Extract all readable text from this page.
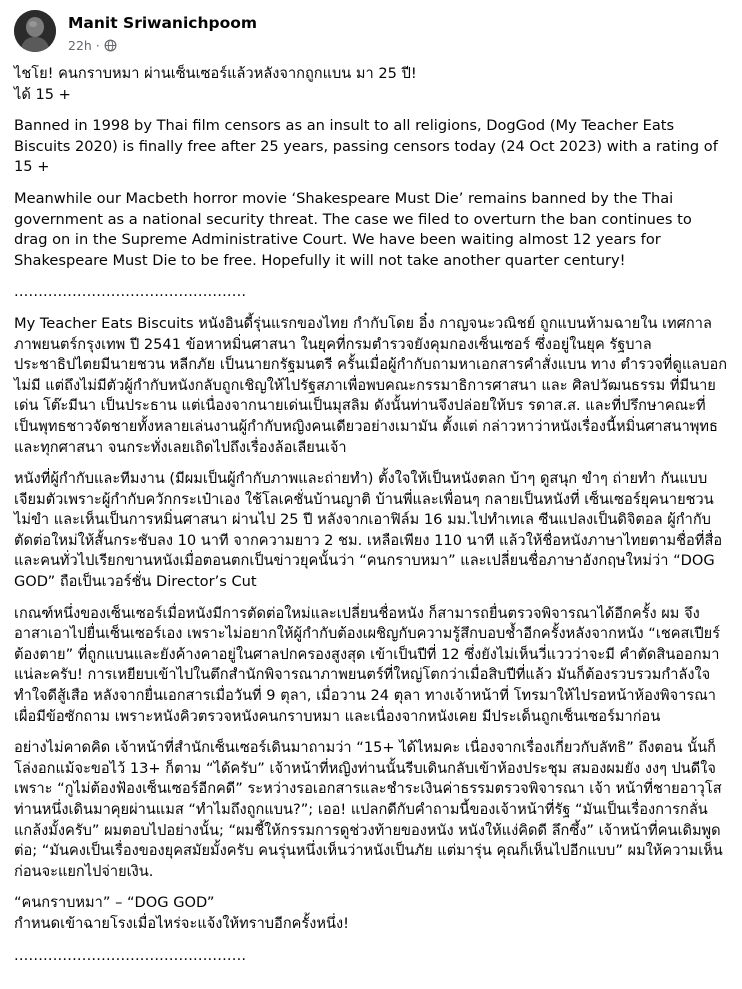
Manit Sriwanichpoom
22h ·

ไชโย! คนกราบหมา ผ่านเซ็นเซอร์แล้วหลังจากถูกแบน มา 25 ปี!
ได้ 15 +

Banned in 1998 by Thai film censors as an insult to all religions, DogGod (My Teacher Eats Biscuits 2020) is finally free after 25 years, passing censors today (24 Oct 2023) with a rating of 15 +

Meanwhile our Macbeth horror movie ‘Shakespeare Must Die’ remains banned by the Thai government as a national security threat. The case we filed to overturn the ban continues to drag on in the Supreme Administrative Court. We have been waiting almost 12 years for Shakespeare Must Die to be free. Hopefully it will not take another quarter century!

................................................

My Teacher Eats Biscuits หนังอินดี้รุ่นแรกของไทย กำกับโดย อิ๋ง กาญจนะวณิชย์ ถูกแบนห้ามฉายใน เทศกาลภาพยนตร์กรุงเทพ ปี 2541 ข้อหาหมิ่นศาสนา ในยุคที่กรมตำรวจยังคุมกองเซ็นเซอร์ ซึ่งอยู่ในยุค รัฐบาลประชาธิปไตยมีนายชวน หลีกภัย เป็นนายกรัฐมนตรี ครั้นเมื่อผู้กำกับถามหาเอกสารคำสั่งแบน ทาง ตำรวจที่ดูแลบอกไม่มี แต่ถึงไม่มีตัวผู้กำกับหนังกลับถูกเชิญให้ไปรัฐสภาเพื่อพบคณะกรรมาธิการศาสนา และ ศิลปวัฒนธรรม ที่มีนายเด่น โต๊ะมีนา เป็นประธาน แต่เนื่องจากนายเด่นเป็นมุสลิม ดังนั้นท่านจึงปล่อยให้บร รดาส.ส. และที่ปรึกษาคณะที่เป็นพุทธชาวจัดชายทั้งหลายเล่นงานผู้กำกับหญิงคนเดียวอย่างเมามัน ตั้งแต่ กล่าวหาว่าหนังเรื่องนี้หมิ่นศาสนาพุทธและทุกศาสนา จนกระทั่งเลยเถิดไปถึงเรื่องล้อเลียนเจ้า

หนังที่ผู้กำกับและทีมงาน (มีผมเป็นผู้กำกับภาพและถ่ายทำ) ตั้งใจให้เป็นหนังตลก บ้าๆ ดูสนุก ขำๆ ถ่ายทำ กันแบบเจียมตัวเพราะผู้กำกับควักกระเป๋าเอง ใช้โลเคชั่นบ้านญาติ บ้านพี่และเพื่อนๆ กลายเป็นหนังที่ เซ็นเซอร์ยุคนายชวนไม่ขำ และเห็นเป็นการหมิ่นศาสนา ผ่านไป 25 ปี หลังจากเอาฟิล์ม 16 มม.ไปทำเทเล ซีนแปลงเป็นดิจิตอล ผู้กำกับตัดต่อใหม่ให้สั้นกระชับลง 10 นาที จากความยาว 2 ชม. เหลือเพียง 110 นาที แล้วให้ชื่อหนังภาษาไทยตามชื่อที่สื่อและคนทั่วไปเรียกขานหนังเมื่อตอนตกเป็นข่าวยุคนั้นว่า “คนกราบหมา” และเปลี่ยนชื่อภาษาอังกฤษใหม่ว่า “DOG GOD” ถือเป็นเวอร์ชั่น Director’s Cut

เกณฑ์หนึ่งของเซ็นเซอร์เมื่อหนังมีการตัดต่อใหม่และเปลี่ยนชื่อหนัง ก็สามารถยื่นตรวจพิจารณาได้อีกครั้ง ผม จึงอาสาเอาไปยื่นเซ็นเซอร์เอง เพราะไม่อยากให้ผู้กำกับต้องเผชิญกับความรู้สึกบอบช้ำอีกครั้งหลังจากหนัง “เชคสเปียร์ต้องตาย” ที่ถูกแบนและยังค้างคาอยู่ในศาลปกครองสูงสุด เข้าเป็นปีที่ 12 ซึ่งยังไม่เห็นวี่แววว่าจะมี คำตัดสินออกมา แน่ละครับ! การเหยียบเข้าไปในตึกสำนักพิจารณาภาพยนตร์ที่ใหญ่โตกว่าเมื่อสิบปีที่แล้ว มันก็ต้องรวบรวมกำลังใจ ทำใจดีสู้เสือ หลังจากยื่นเอกสารเมื่อวันที่ 9 ตุลา, เมื่อวาน 24 ตุลา ทางเจ้าหน้าที่ โทรมาให้ไปรอหน้าห้องพิจารณาเผื่อมีข้อซักถาม เพราะหนังคิวตรวจหนังคนกราบหมา และเนื่องจากหนังเคย มีประเด็นถูกเซ็นเซอร์มาก่อน

อย่างไม่คาดคิด เจ้าหน้าที่สำนักเซ็นเซอร์เดินมาถามว่า “15+ ได้ไหมคะ เนื่องจากเรื่องเกี่ยวกับลัทธิ” ถึงตอน นั้นก็โล่งอกแม้จะขอไว้ 13+ ก็ตาม “ได้ครับ” เจ้าหน้าที่หญิงท่านนั้นรีบเดินกลับเข้าห้องประชุม สมองผมยัง งงๆ ปนดีใจเพราะ “กูไม่ต้องฟ้องเซ็นเซอร์อีกคดี” ระหว่างรอเอกสารและชำระเงินค่าธรรมตรวจพิจารณา เจ้า หน้าที่ชายอาวุโสท่านหนึ่งเดินมาคุยผ่านแมส “ทำไมถึงถูกแบน?”; เออ! แปลกดีกับคำถามนี้ของเจ้าหน้าที่รัฐ “มันเป็นเรื่องการกลั่นแกล้งมั้งครับ” ผมตอบไปอย่างนั้น; “ผมชี้ให้กรรมการดูช่วงท้ายของหนัง หนังให้แง่คิดดี ลึกซึ้ง” เจ้าหน้าที่คนเดิมพูดต่อ; “มันคงเป็นเรื่องของยุคสมัยมั้งครับ คนรุ่นหนึ่งเห็นว่าหนังเป็นภัย แต่มารุ่น คุณก็เห็นไปอีกแบบ” ผมให้ความเห็นก่อนจะแยกไปจ่ายเงิน.

“คนกราบหมา” – “DOG GOD”
กำหนดเข้าฉายโรงเมื่อไหร่จะแจ้งให้ทราบอีกครั้งหนึ่ง!

................................................
